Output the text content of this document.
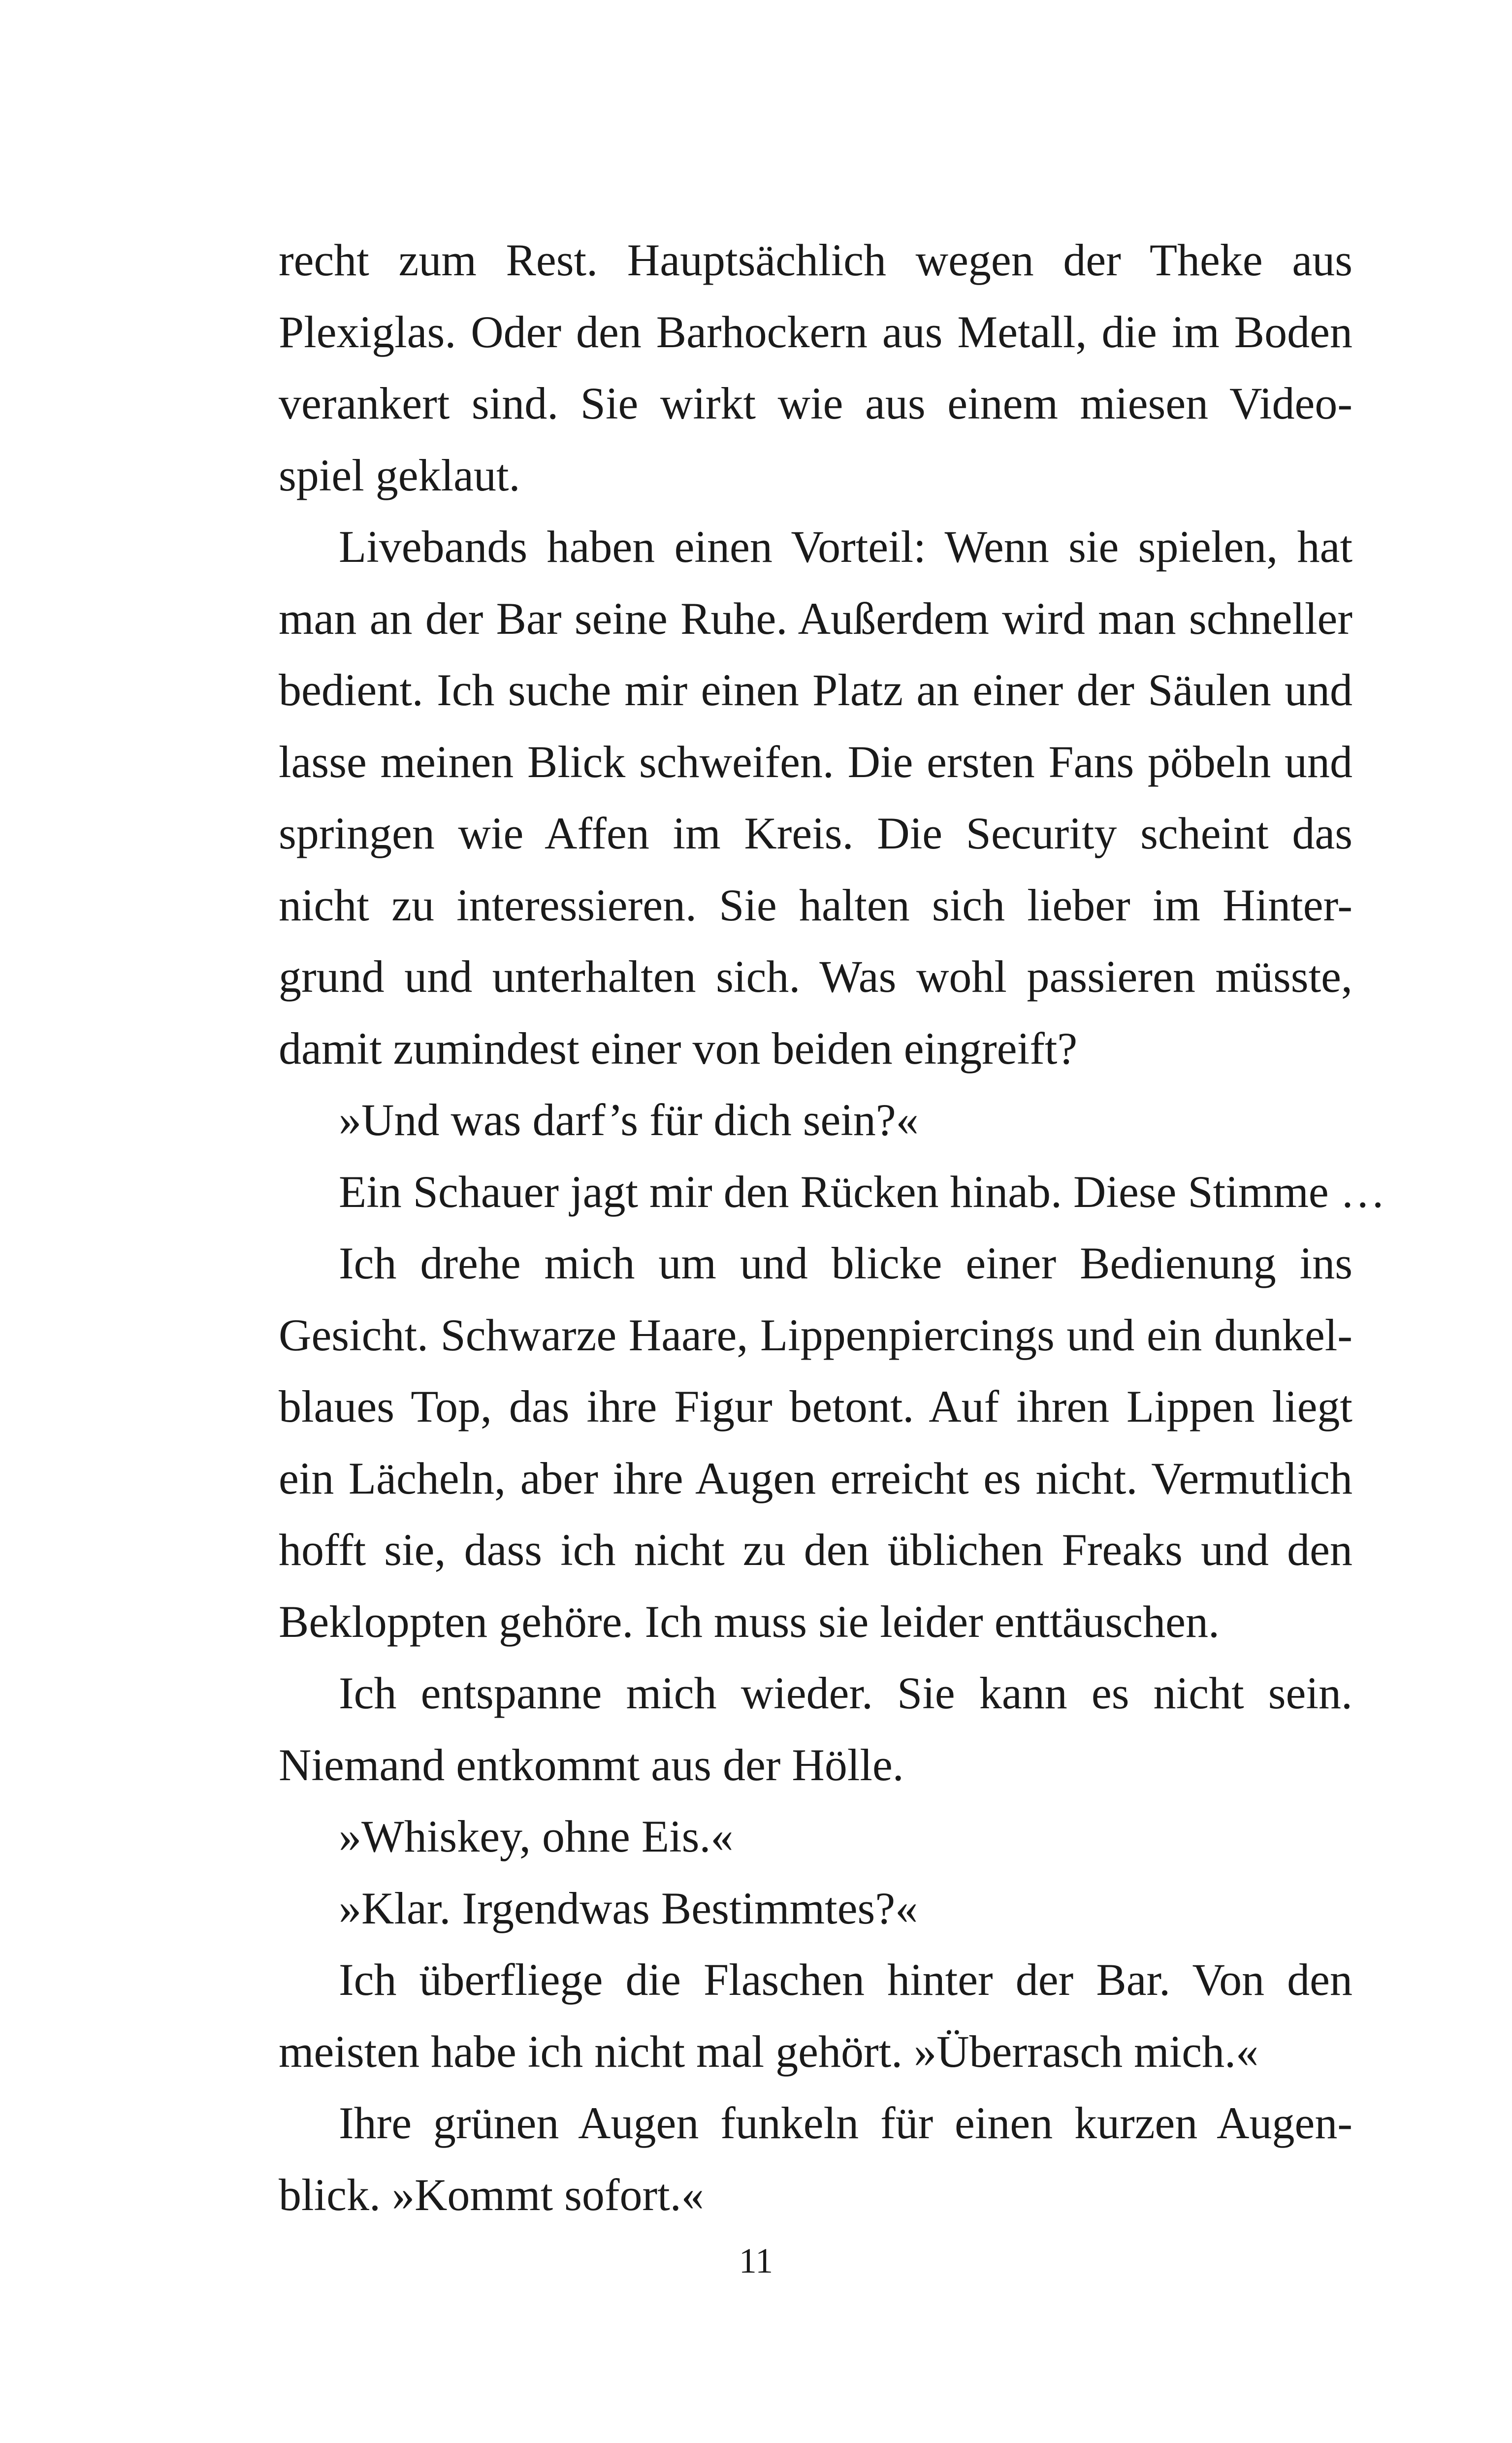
recht zum Rest. Hauptsächlich wegen der Theke aus
Plexiglas. Oder den Barhockern aus Metall, die im Boden
verankert sind. Sie wirkt wie aus einem miesen Video-
spiel geklaut.
Livebands haben einen Vorteil: Wenn sie spielen, hat
man an der Bar seine Ruhe. Außerdem wird man schneller
bedient. Ich suche mir einen Platz an einer der Säulen und
lasse meinen Blick schweifen. Die ersten Fans pöbeln und
springen wie Affen im Kreis. Die Security scheint das
nicht zu interessieren. Sie halten sich lieber im Hinter-
grund und unterhalten sich. Was wohl passieren müsste,
damit zumindest einer von beiden eingreift?
»Und was darf’s für dich sein?«
Ein Schauer jagt mir den Rücken hinab. Diese Stimme …
Ich drehe mich um und blicke einer Bedienung ins
Gesicht. Schwarze Haare, Lippenpiercings und ein dunkel-
blaues Top, das ihre Figur betont. Auf ihren Lippen liegt
ein Lächeln, aber ihre Augen erreicht es nicht. Vermutlich
hofft sie, dass ich nicht zu den üblichen Freaks und den
Bekloppten gehöre. Ich muss sie leider enttäuschen.
Ich entspanne mich wieder. Sie kann es nicht sein.
Niemand entkommt aus der Hölle.
»Whiskey, ohne Eis.«
»Klar. Irgendwas Bestimmtes?«
Ich überfliege die Flaschen hinter der Bar. Von den
meisten habe ich nicht mal gehört. »Überrasch mich.«
Ihre grünen Augen funkeln für einen kurzen Augen-
blick. »Kommt sofort.«
11
